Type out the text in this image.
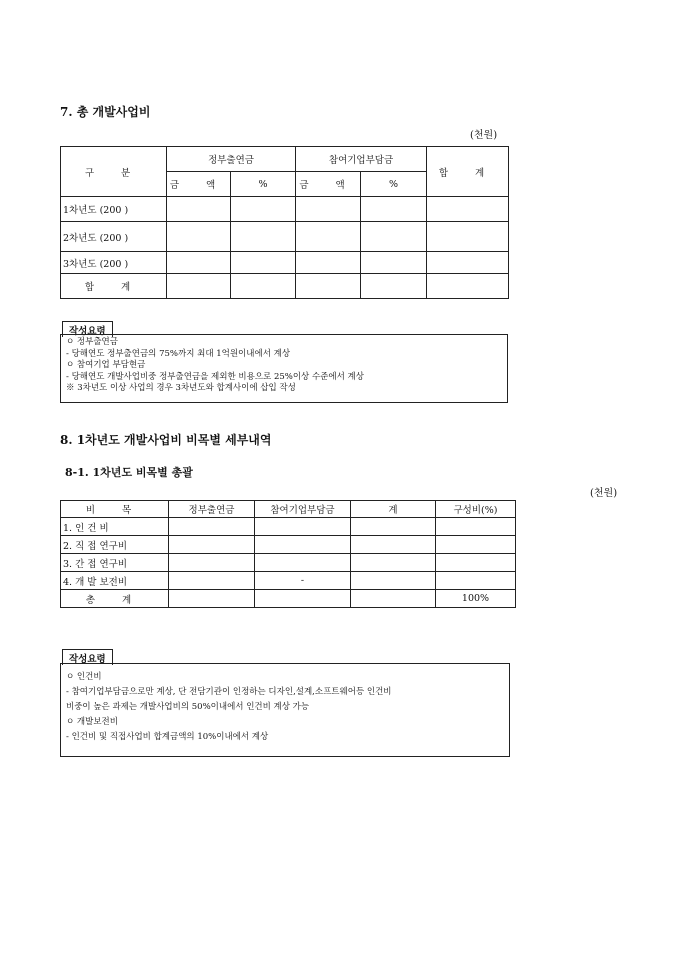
7. 총 개발사업비
(천원)
구 분	정부출연금		참여기업부담금		합 계
	금 액	%	금 액	%	
1차년도 (200 )					
2차년도 (200 )					
3차년도 (200 )					
합 계					
작성요령
ㅇ 정부출연금
- 당해연도 정부출연금의 75%까지 최대 1억원이내에서 계상
ㅇ 참여기업 부담현금
- 당해연도 개발사업비중 정부출연금을 제외한 비용으로 25%이상 수준에서 계상
※ 3차년도 이상 사업의 경우 3차년도와 합계사이에 삽입 작성
8. 1차년도 개발사업비 비목별 세부내역
8-1. 1차년도 비목별 총괄
(천원)
비 목	정부출연금	참여기업부담금	계	구성비(%)
1. 인 건 비				
2. 직 접 연구비				
3. 간 접 연구비				
4. 개 발 보전비		-		
총 계				100%
작성요령
ㅇ 인건비
- 참여기업부담금으로만 계상, 단 전담기관이 인정하는 디자인,설계,소프트웨어등 인건비
비중이 높은 과제는 개발사업비의 50%이내에서 인건비 계상 가능
ㅇ 개발보전비
- 인건비 및 직접사업비 합계금액의 10%이내에서 계상
